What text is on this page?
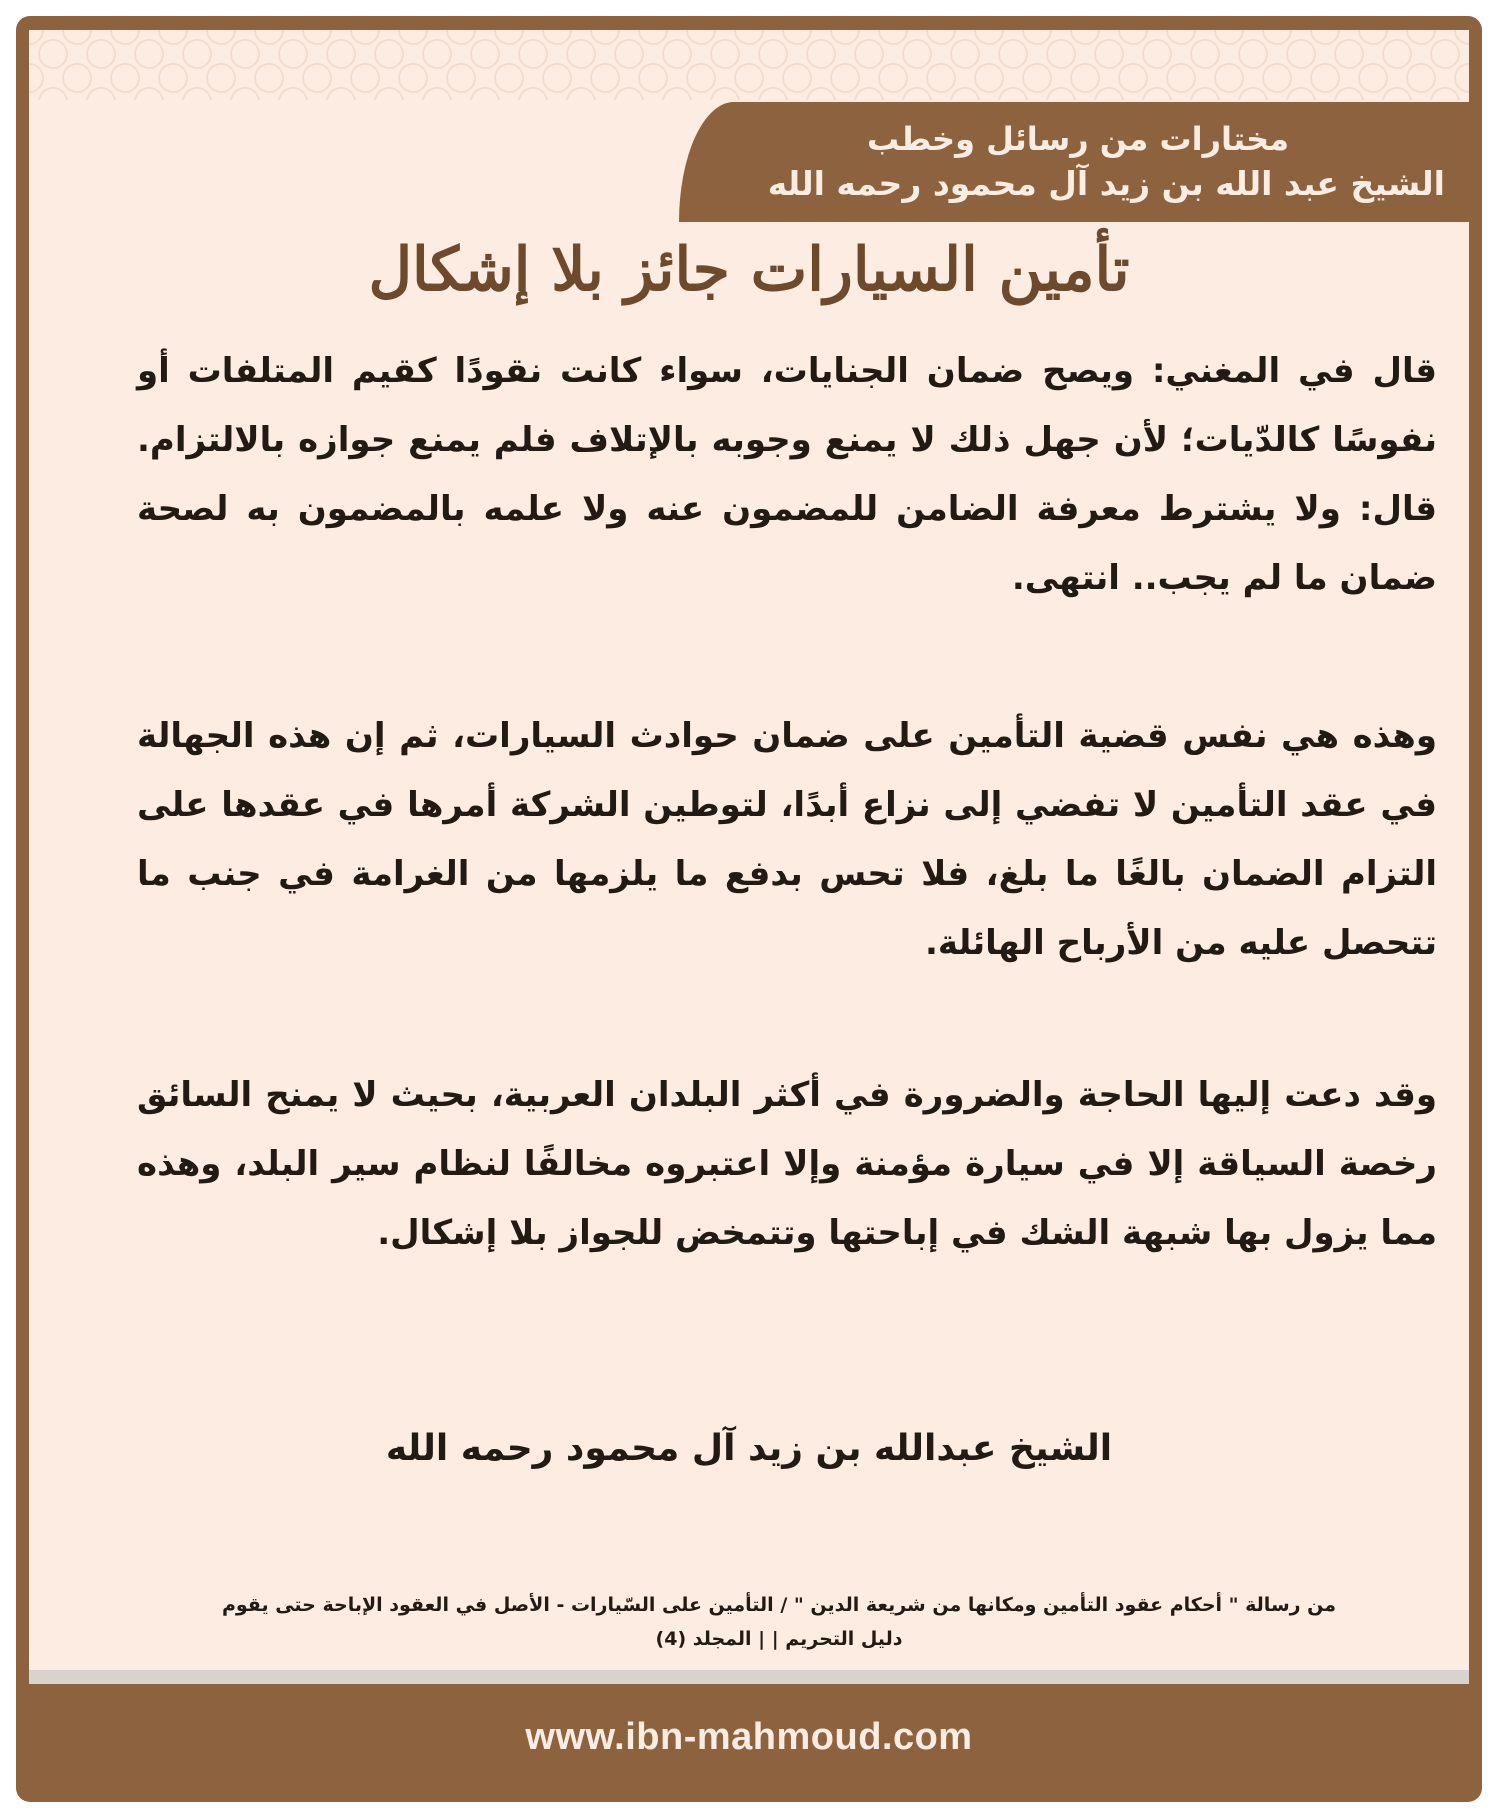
مختارات من رسائل وخطب

الشيخ عبد الله بن زيد آل محمود رحمه الله

تأمين السيارات جائز بلا إشكال

قال في المغني: ويصح ضمان الجنايات، سواء كانت نقودًا كقيم المتلفات أو نفوسًا كالدّيات؛ لأن جهل ذلك لا يمنع وجوبه بالإتلاف فلم يمنع جوازه بالالتزام. قال: ولا يشترط معرفة الضامن للمضمون عنه ولا علمه بالمضمون به لصحة ضمان ما لم يجب.. انتهى.

وهذه هي نفس قضية التأمين على ضمان حوادث السيارات، ثم إن هذه الجهالة في عقد التأمين لا تفضي إلى نزاع أبدًا، لتوطين الشركة أمرها في عقدها على التزام الضمان بالغًا ما بلغ، فلا تحس بدفع ما يلزمها من الغرامة في جنب ما تتحصل عليه من الأرباح الهائلة.

وقد دعت إليها الحاجة والضرورة في أكثر البلدان العربية، بحيث لا يمنح السائق رخصة السياقة إلا في سيارة مؤمنة وإلا اعتبروه مخالفًا لنظام سير البلد، وهذه مما يزول بها شبهة الشك في إباحتها وتتمخض للجواز بلا إشكال.

الشيخ عبدالله بن زيد آل محمود رحمه الله

من رسالة " أحكام عقود التأمين ومكانها من شريعة الدين " / التأمين على السّيارات - الأصل في العقود الإباحة حتى يقوم
دليل التحريم | | المجلد (4)

www.ibn-mahmoud.com
